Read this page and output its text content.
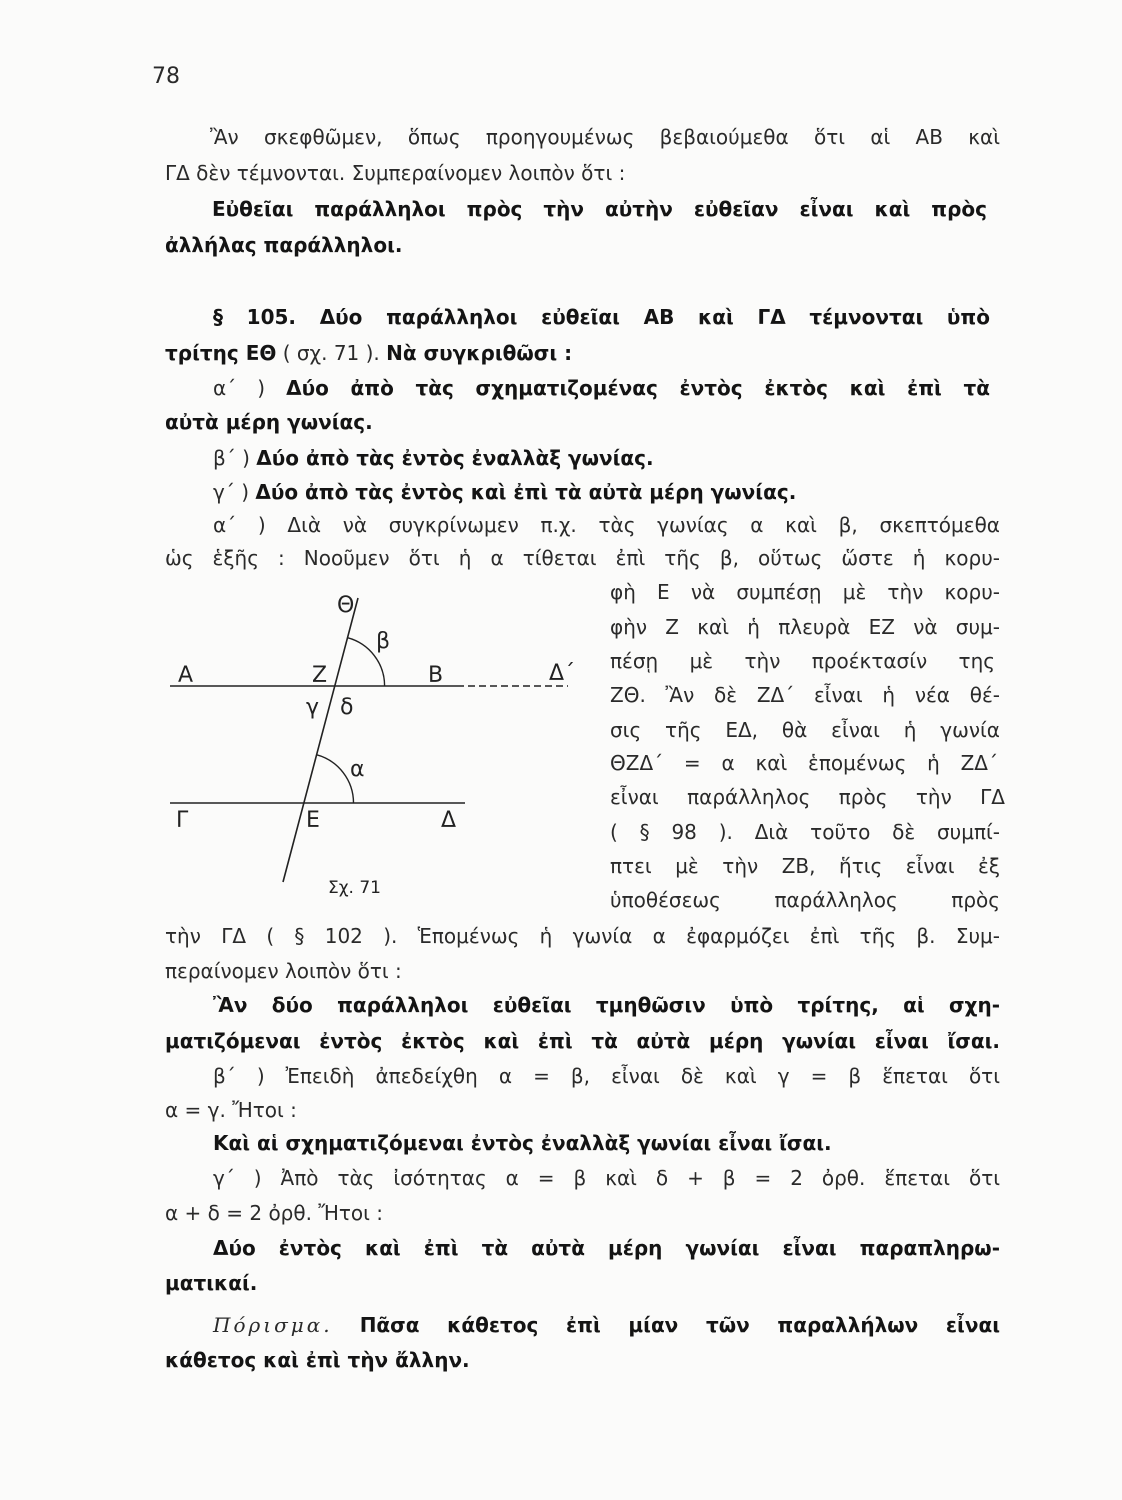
78
Ἂν σκεφθῶμεν, ὅπως προηγουμένως βεβαιούμεθα ὅτι αἱ ΑΒ καὶ
ΓΔ δὲν τέμνονται. Συμπεραίνομεν λοιπὸν ὅτι :
Εὐθεῖαι παράλληλοι πρὸς τὴν αὐτὴν εὐθεῖαν εἶναι καὶ πρὸς
ἀλλήλας παράλληλοι.
§ 105. Δύο παράλληλοι εὐθεῖαι ΑΒ καὶ ΓΔ τέμνονται ὑπὸ
τρίτης ΕΘ ( σχ. 71 ). Νὰ συγκριθῶσι :
α΄ ) Δύο ἀπὸ τὰς σχηματιζομένας ἐντὸς ἐκτὸς καὶ ἐπὶ τὰ
αὐτὰ μέρη γωνίας.
β΄ ) Δύο ἀπὸ τὰς ἐντὸς ἐναλλὰξ γωνίας.
γ΄ ) Δύο ἀπὸ τὰς ἐντὸς καὶ ἐπὶ τὰ αὐτὰ μέρη γωνίας.
α΄ ) Διὰ νὰ συγκρίνωμεν π.χ. τὰς γωνίας α καὶ β, σκεπτόμεθα
ὡς ἑξῆς : Νοοῦμεν ὅτι ἡ α τίθεται ἐπὶ τῆς β, οὕτως ὥστε ἡ κορυ-
φὴ Ε νὰ συμπέσῃ μὲ τὴν κορυ-
φὴν Ζ καὶ ἡ πλευρὰ ΕΖ νὰ συμ-
πέσῃ μὲ τὴν προέκτασίν της
ΖΘ. Ἂν δὲ ΖΔ΄ εἶναι ἡ νέα θέ-
σις τῆς ΕΔ, θὰ εἶναι ἡ γωνία
ΘΖΔ΄ = α καὶ ἑπομένως ἡ ΖΔ΄
εἶναι παράλληλος πρὸς τὴν ΓΔ
( § 98 ). Διὰ τοῦτο δὲ συμπί-
πτει μὲ τὴν ΖΒ, ἥτις εἶναι ἐξ
ὑποθέσεως παράλληλος πρὸς
τὴν ΓΔ ( § 102 ). Ἑπομένως ἡ γωνία α ἐφαρμόζει ἐπὶ τῆς β. Συμ-
περαίνομεν λοιπὸν ὅτι :
Ἂν δύο παράλληλοι εὐθεῖαι τμηθῶσιν ὑπὸ τρίτης, αἱ σχη-
ματιζόμεναι ἐντὸς ἐκτὸς καὶ ἐπὶ τὰ αὐτὰ μέρη γωνίαι εἶναι ἴσαι.
β΄ ) Ἐπειδὴ ἀπεδείχθη α = β, εἶναι δὲ καὶ γ = β ἕπεται ὅτι
α = γ. Ἤτοι :
Καὶ αἱ σχηματιζόμεναι ἐντὸς ἐναλλὰξ γωνίαι εἶναι ἴσαι.
γ΄ ) Ἀπὸ τὰς ἰσότητας α = β καὶ δ + β = 2 ὀρθ. ἕπεται ὅτι
α + δ = 2 ὀρθ. Ἤτοι :
Δύο ἐντὸς καὶ ἐπὶ τὰ αὐτὰ μέρη γωνίαι εἶναι παραπληρω-
ματικαί.
Πόρισμα. Πᾶσα κάθετος ἐπὶ μίαν τῶν παραλλήλων εἶναι
κάθετος καὶ ἐπὶ τὴν ἄλλην.
Θ
β
Α	Ζ	Β	Δ΄
γ δ
α
Γ	Ε	Δ
Σχ. 71
